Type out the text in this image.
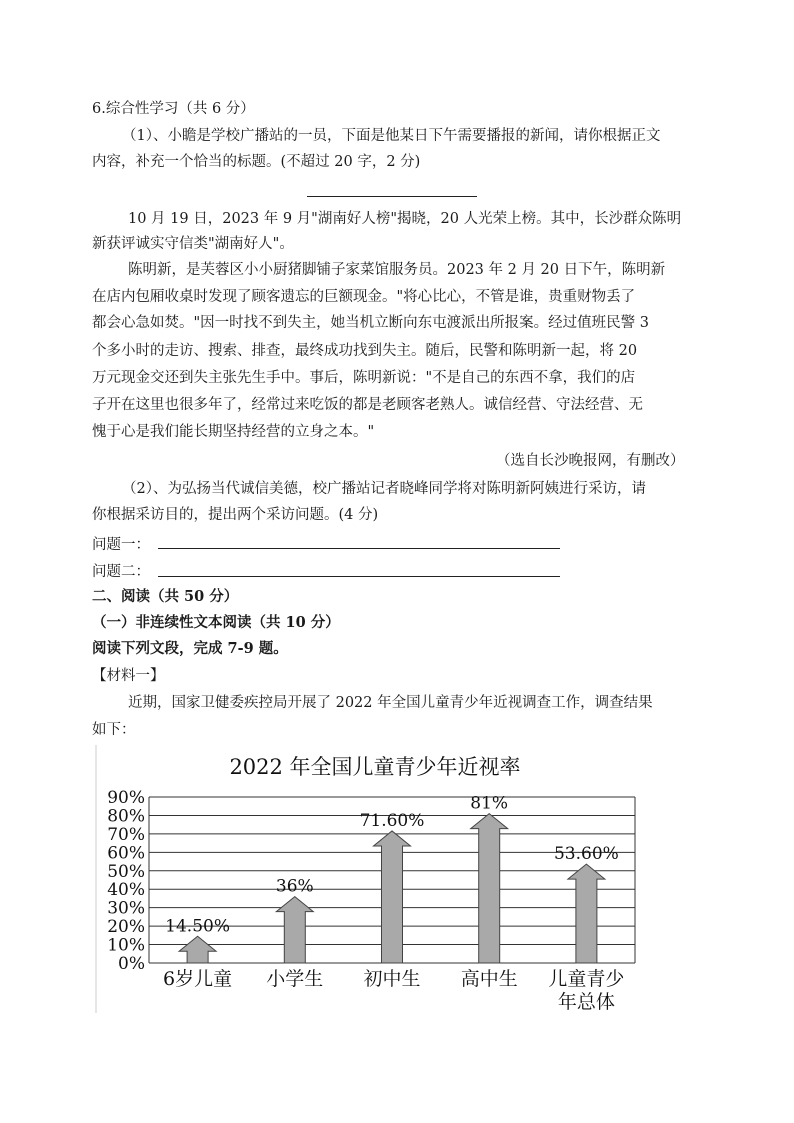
6.综合性学习（共 6 分）
（1）、小瞻是学校广播站的一员，下面是他某日下午需要播报的新闻，请你根据正文
内容，补充一个恰当的标题。(不超过 20 字，2 分)
10 月 19 日，2023 年 9 月"湖南好人榜"揭晓，20 人光荣上榜。其中，长沙群众陈明
新获评诚实守信类"湖南好人"。
陈明新，是芙蓉区小小厨猪脚铺子家菜馆服务员。2023 年 2 月 20 日下午，陈明新
在店内包厢收桌时发现了顾客遗忘的巨额现金。"将心比心，不管是谁，贵重财物丢了
都会心急如焚。"因一时找不到失主，她当机立断向东屯渡派出所报案。经过值班民警 3
个多小时的走访、搜索、排查，最终成功找到失主。随后，民警和陈明新一起，将 20
万元现金交还到失主张先生手中。事后，陈明新说："不是自己的东西不拿，我们的店
子开在这里也很多年了，经常过来吃饭的都是老顾客老熟人。诚信经营、守法经营、无
愧于心是我们能长期坚持经营的立身之本。"
（选自长沙晚报网，有删改）
（2）、为弘扬当代诚信美德，校广播站记者晓峰同学将对陈明新阿姨进行采访，请
你根据采访目的，提出两个采访问题。(4 分)
问题一：
问题二：
二、阅读（共 50 分）
（一）非连续性文本阅读（共 10 分）
阅读下列文段，完成 7-9 题。
【材料一】
近期，国家卫健委疾控局开展了 2022 年全国儿童青少年近视调查工作，调查结果
如下：
2022 年全国儿童青少年近视率
0%
10%
20%
30%
40%
50%
60%
70%
80%
90%
14.50%
36%
71.60%
81%
53.60%
6岁儿童 小学生 初中生 高中生 儿童青少
年总体
